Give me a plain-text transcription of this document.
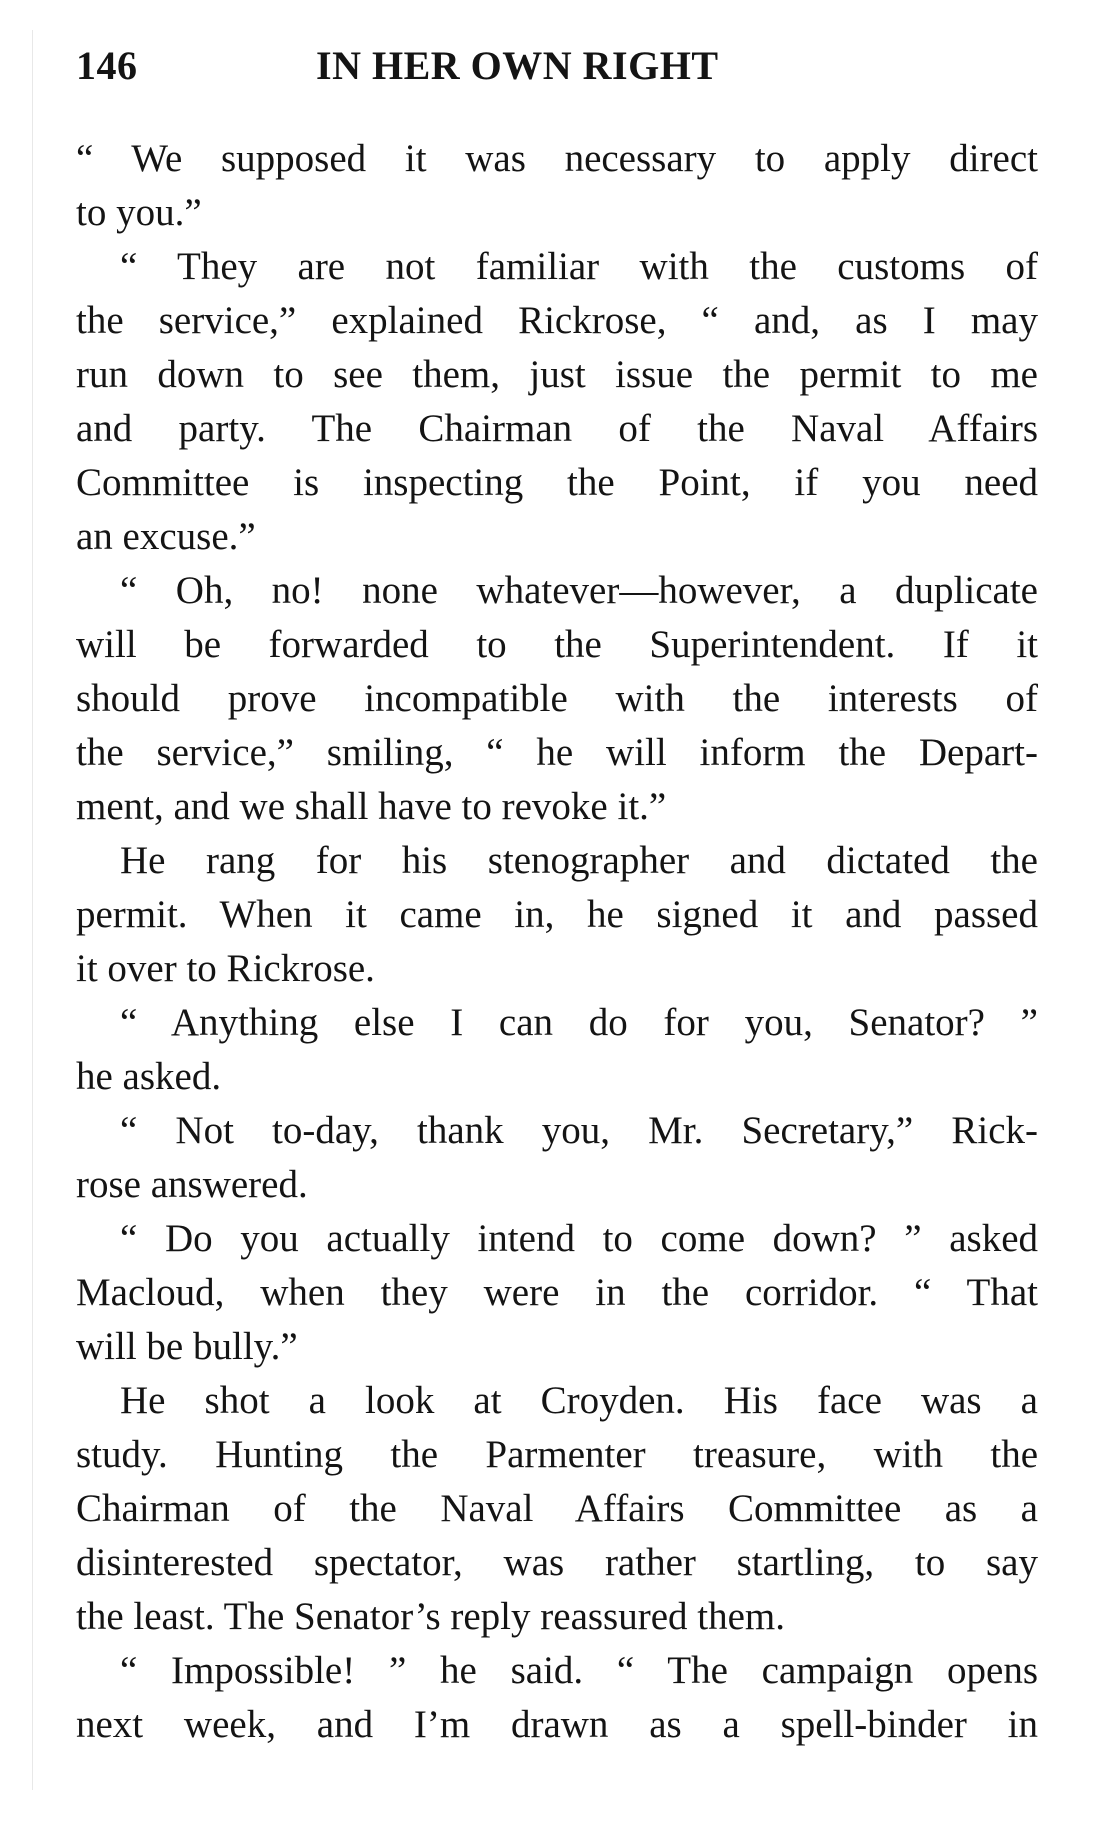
146	IN HER OWN RIGHT
“ We supposed it was necessary to apply direct
to you.”
“ They are not familiar with the customs of
the service,” explained Rickrose, “ and, as I may
run down to see them, just issue the permit to me
and party. The Chairman of the Naval Affairs
Committee is inspecting the Point, if you need
an excuse.”
“ Oh, no! none whatever—however, a duplicate
will be forwarded to the Superintendent. If it
should prove incompatible with the interests of
the service,” smiling, “ he will inform the Depart-
ment, and we shall have to revoke it.”
He rang for his stenographer and dictated the
permit. When it came in, he signed it and passed
it over to Rickrose.
“ Anything else I can do for you, Senator? ”
he asked.
“ Not to-day, thank you, Mr. Secretary,” Rick-
rose answered.
“ Do you actually intend to come down? ” asked
Macloud, when they were in the corridor. “ That
will be bully.”
He shot a look at Croyden. His face was a
study. Hunting the Parmenter treasure, with the
Chairman of the Naval Affairs Committee as a
disinterested spectator, was rather startling, to say
the least. The Senator’s reply reassured them.
“ Impossible! ” he said. “ The campaign opens
next week, and I’m drawn as a spell-binder in
